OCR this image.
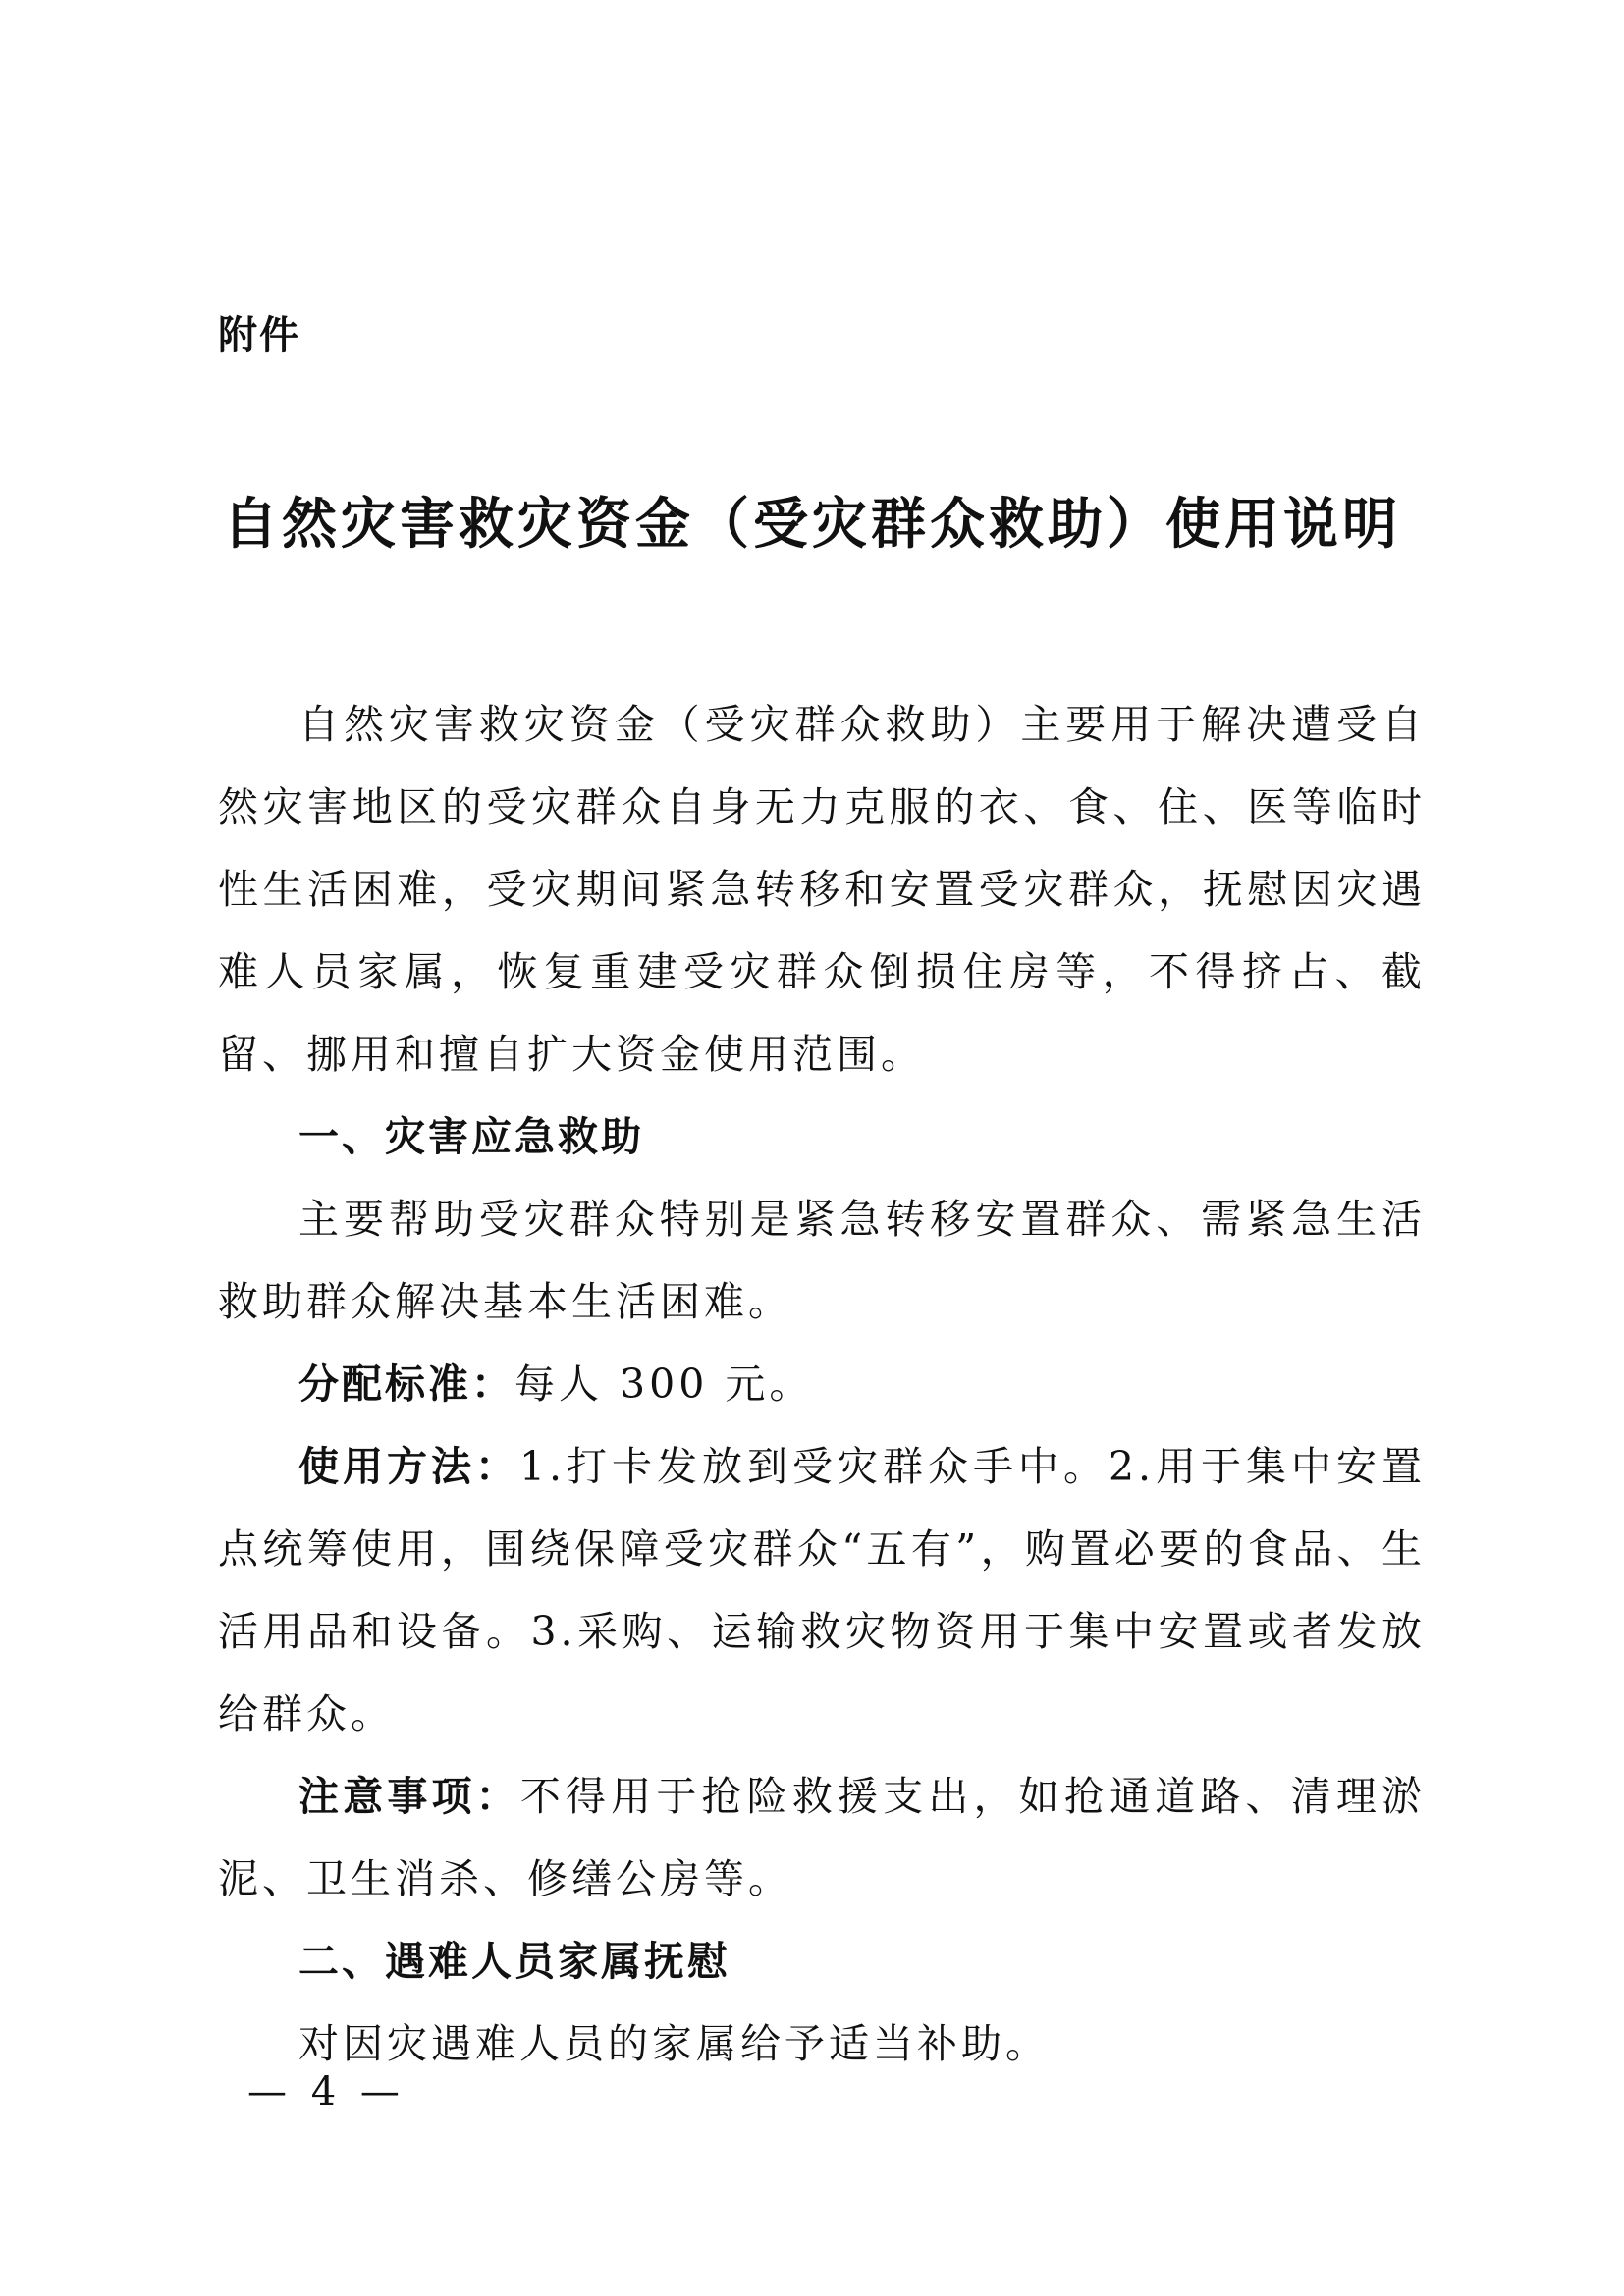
附件
自然灾害救灾资金（受灾群众救助）使用说明

自然灾害救灾资金（受灾群众救助）主要用于解决遭受自然灾害地区的受灾群众自身无力克服的衣、食、住、医等临时性生活困难，受灾期间紧急转移和安置受灾群众，抚慰因灾遇难人员家属，恢复重建受灾群众倒损住房等，不得挤占、截留、挪用和擅自扩大资金使用范围。

一、灾害应急救助

主要帮助受灾群众特别是紧急转移安置群众、需紧急生活救助群众解决基本生活困难。

分配标准：每人 300 元。

使用方法：1.打卡发放到受灾群众手中。2.用于集中安置点统筹使用，围绕保障受灾群众“五有”，购置必要的食品、生活用品和设备。3.采购、运输救灾物资用于集中安置或者发放给群众。

注意事项：不得用于抢险救援支出，如抢通道路、清理淤泥、卫生消杀、修缮公房等。

二、遇难人员家属抚慰

对因灾遇难人员的家属给予适当补助。

— 4 —
